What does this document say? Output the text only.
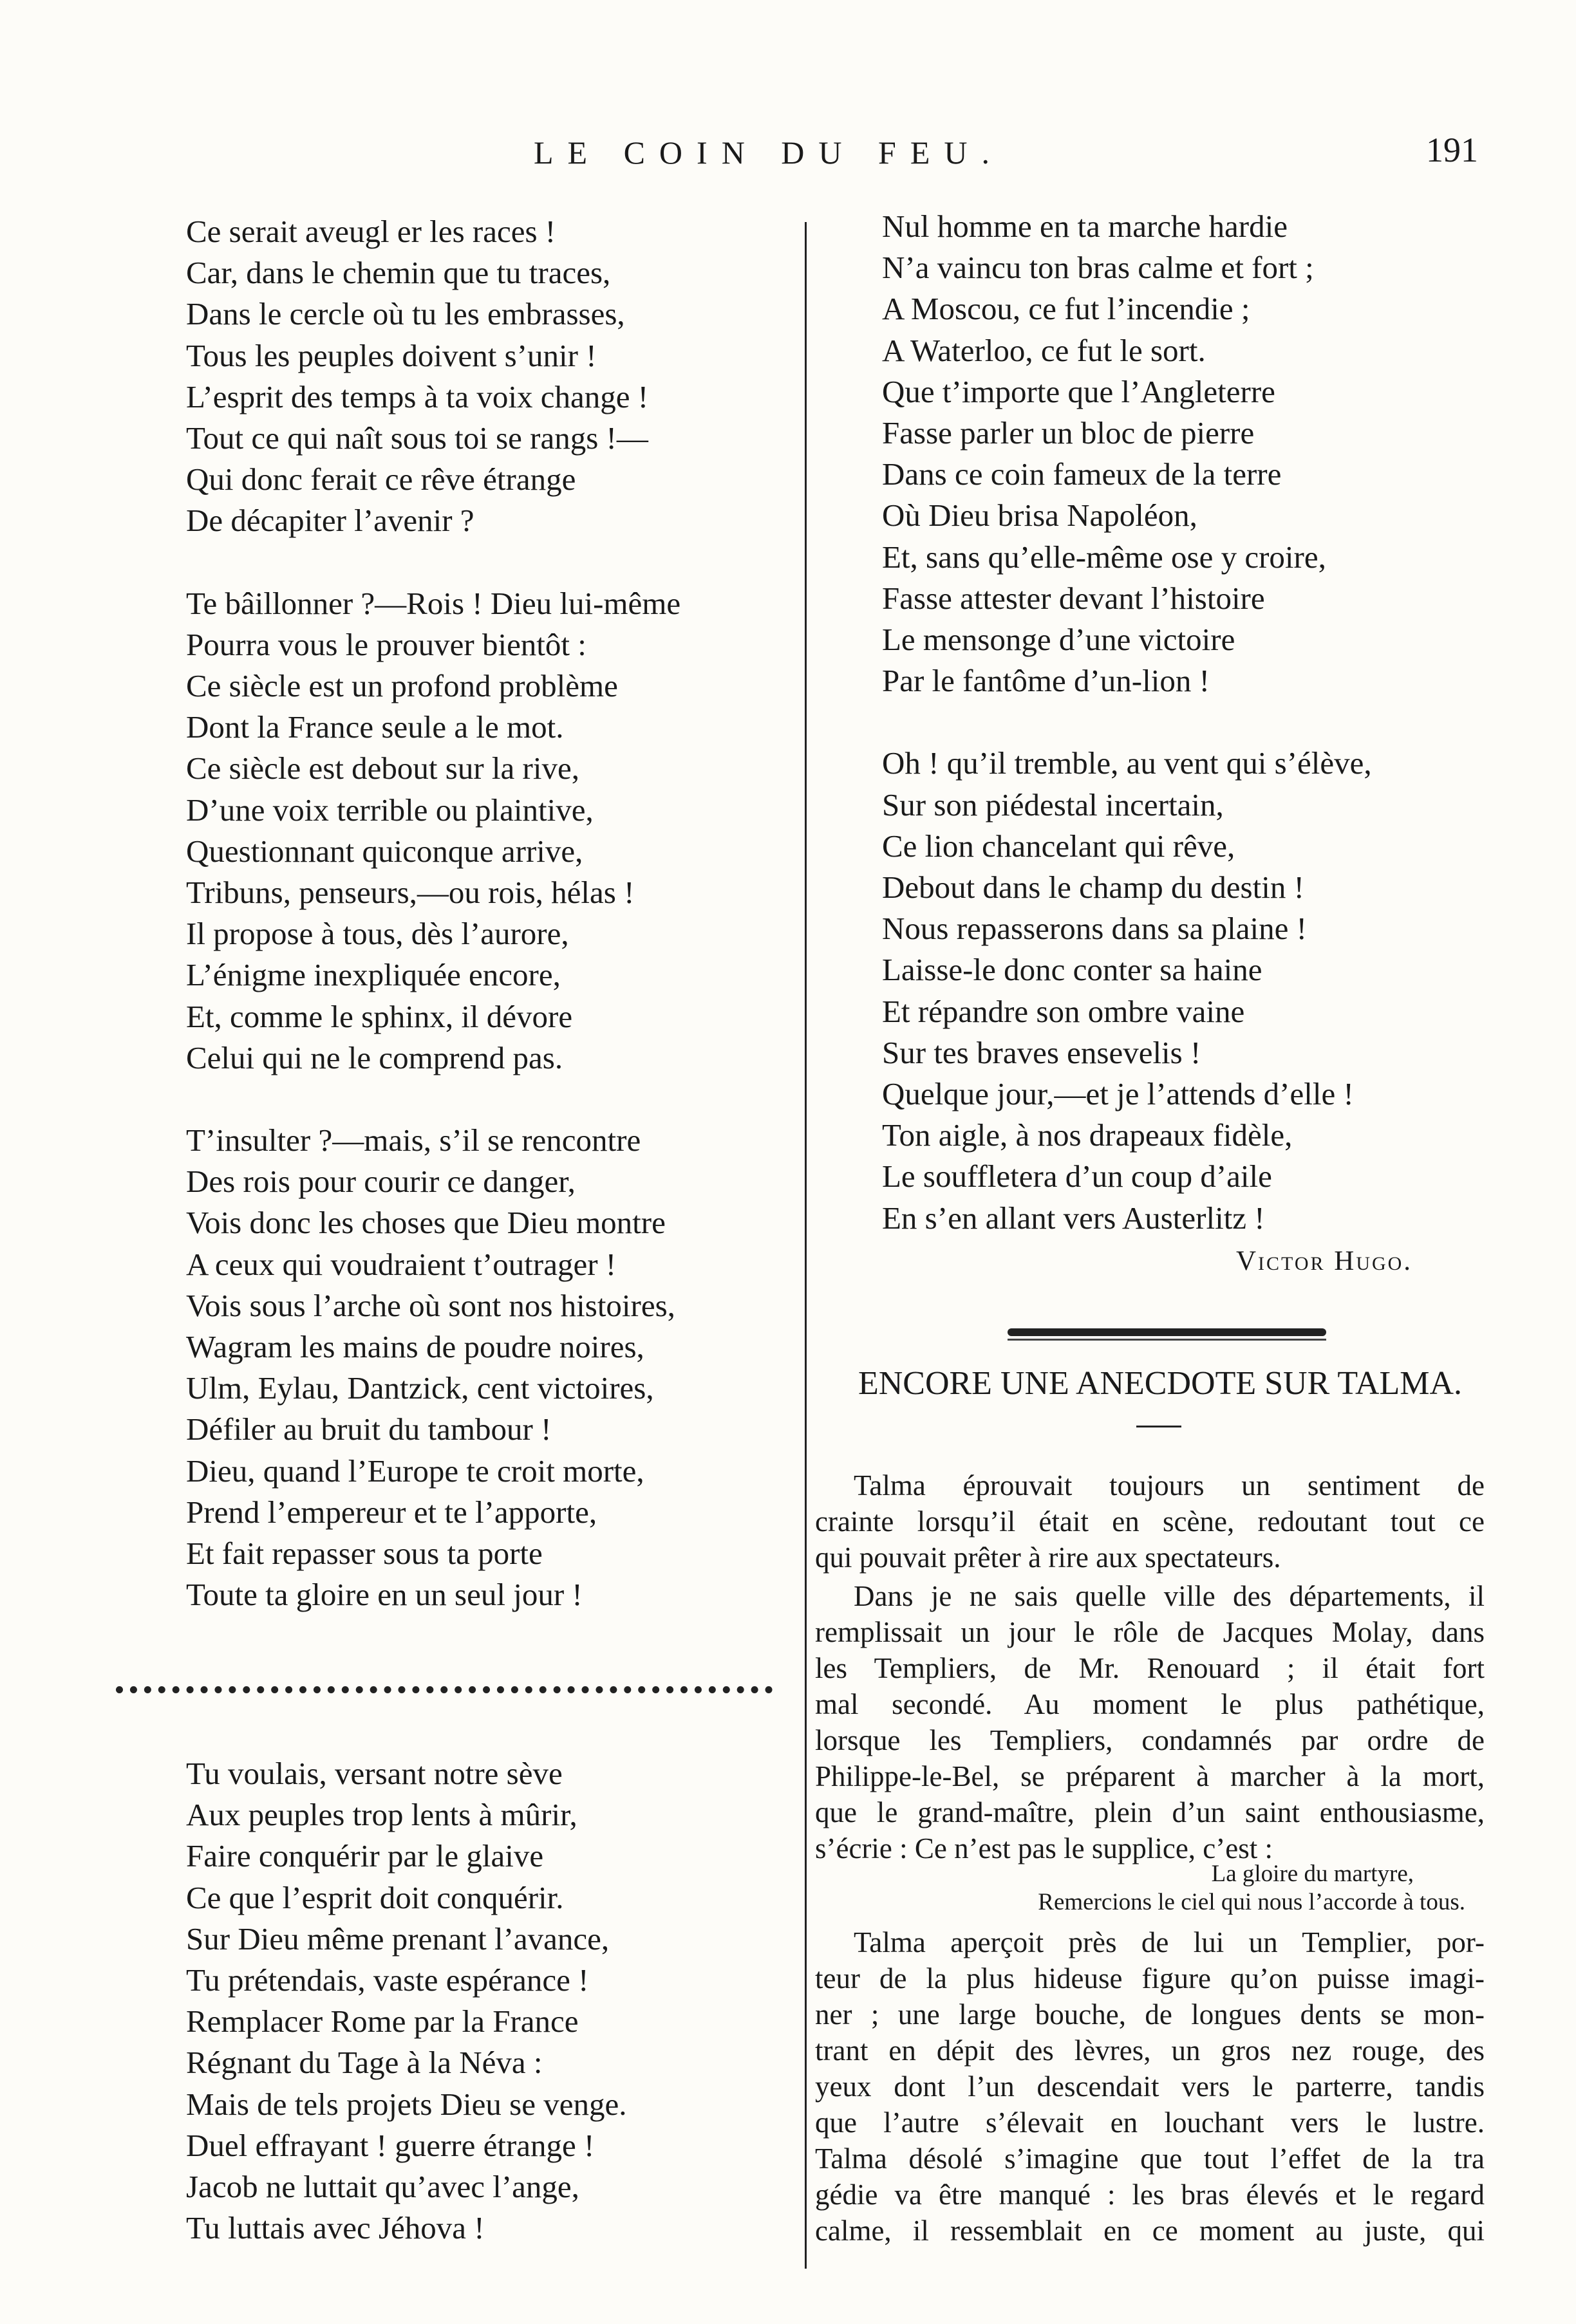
LE COIN DU FEU.	191
Ce serait aveugl er les races !
Car, dans le chemin que tu traces,
Dans le cercle où tu les embrasses,
Tous les peuples doivent s’unir !
L’esprit des temps à ta voix change !
Tout ce qui naît sous toi se rangs !—
Qui donc ferait ce rêve étrange
De décapiter l’avenir ?
Te bâillonner ?—Rois ! Dieu lui-même
Pourra vous le prouver bientôt :
Ce siècle est un profond problème
Dont la France seule a le mot.
Ce siècle est debout sur la rive,
D’une voix terrible ou plaintive,
Questionnant quiconque arrive,
Tribuns, penseurs,—ou rois, hélas !
Il propose à tous, dès l’aurore,
L’énigme inexpliquée encore,
Et, comme le sphinx, il dévore
Celui qui ne le comprend pas.
T’insulter ?—mais, s’il se rencontre
Des rois pour courir ce danger,
Vois donc les choses que Dieu montre
A ceux qui voudraient t’outrager !
Vois sous l’arche où sont nos histoires,
Wagram les mains de poudre noires,
Ulm, Eylau, Dantzick, cent victoires,
Défiler au bruit du tambour !
Dieu, quand l’Europe te croit morte,
Prend l’empereur et te l’apporte,
Et fait repasser sous ta porte
Toute ta gloire en un seul jour !
Tu voulais, versant notre sève
Aux peuples trop lents à mûrir,
Faire conquérir par le glaive
Ce que l’esprit doit conquérir.
Sur Dieu même prenant l’avance,
Tu prétendais, vaste espérance !
Remplacer Rome par la France
Régnant du Tage à la Néva :
Mais de tels projets Dieu se venge.
Duel effrayant ! guerre étrange !
Jacob ne luttait qu’avec l’ange,
Tu luttais avec Jéhova !
Nul homme en ta marche hardie
N’a vaincu ton bras calme et fort ;
A Moscou, ce fut l’incendie ;
A Waterloo, ce fut le sort.
Que t’importe que l’Angleterre
Fasse parler un bloc de pierre
Dans ce coin fameux de la terre
Où Dieu brisa Napoléon,
Et, sans qu’elle-même ose y croire,
Fasse attester devant l’histoire
Le mensonge d’une victoire
Par le fantôme d’un-lion !
Oh ! qu’il tremble, au vent qui s’élève,
Sur son piédestal incertain,
Ce lion chancelant qui rêve,
Debout dans le champ du destin !
Nous repasserons dans sa plaine !
Laisse-le donc conter sa haine
Et répandre son ombre vaine
Sur tes braves ensevelis !
Quelque jour,—et je l’attends d’elle !
Ton aigle, à nos drapeaux fidèle,
Le souffletera d’un coup d’aile
En s’en allant vers Austerlitz !
Victor Hugo.
ENCORE UNE ANECDOTE SUR TALMA.
Talma éprouvait toujours un sentiment de
crainte lorsqu’il était en scène, redoutant tout ce
qui pouvait prêter à rire aux spectateurs.
Dans je ne sais quelle ville des départements, il
remplissait un jour le rôle de Jacques Molay, dans
les Templiers, de Mr. Renouard ; il était fort
mal secondé. Au moment le plus pathétique,
lorsque les Templiers, condamnés par ordre de
Philippe-le-Bel, se préparent à marcher à la mort,
que le grand-maître, plein d’un saint enthousiasme,
s’écrie : Ce n’est pas le supplice, c’est :
La gloire du martyre,
Remercions le ciel qui nous l’accorde à tous.
Talma aperçoit près de lui un Templier, por-
teur de la plus hideuse figure qu’on puisse imagi-
ner ; une large bouche, de longues dents se mon-
trant en dépit des lèvres, un gros nez rouge, des
yeux dont l’un descendait vers le parterre, tandis
que l’autre s’élevait en louchant vers le lustre.
Talma désolé s’imagine que tout l’effet de la tra
gédie va être manqué : les bras élevés et le regard
calme, il ressemblait en ce moment au juste, qui
